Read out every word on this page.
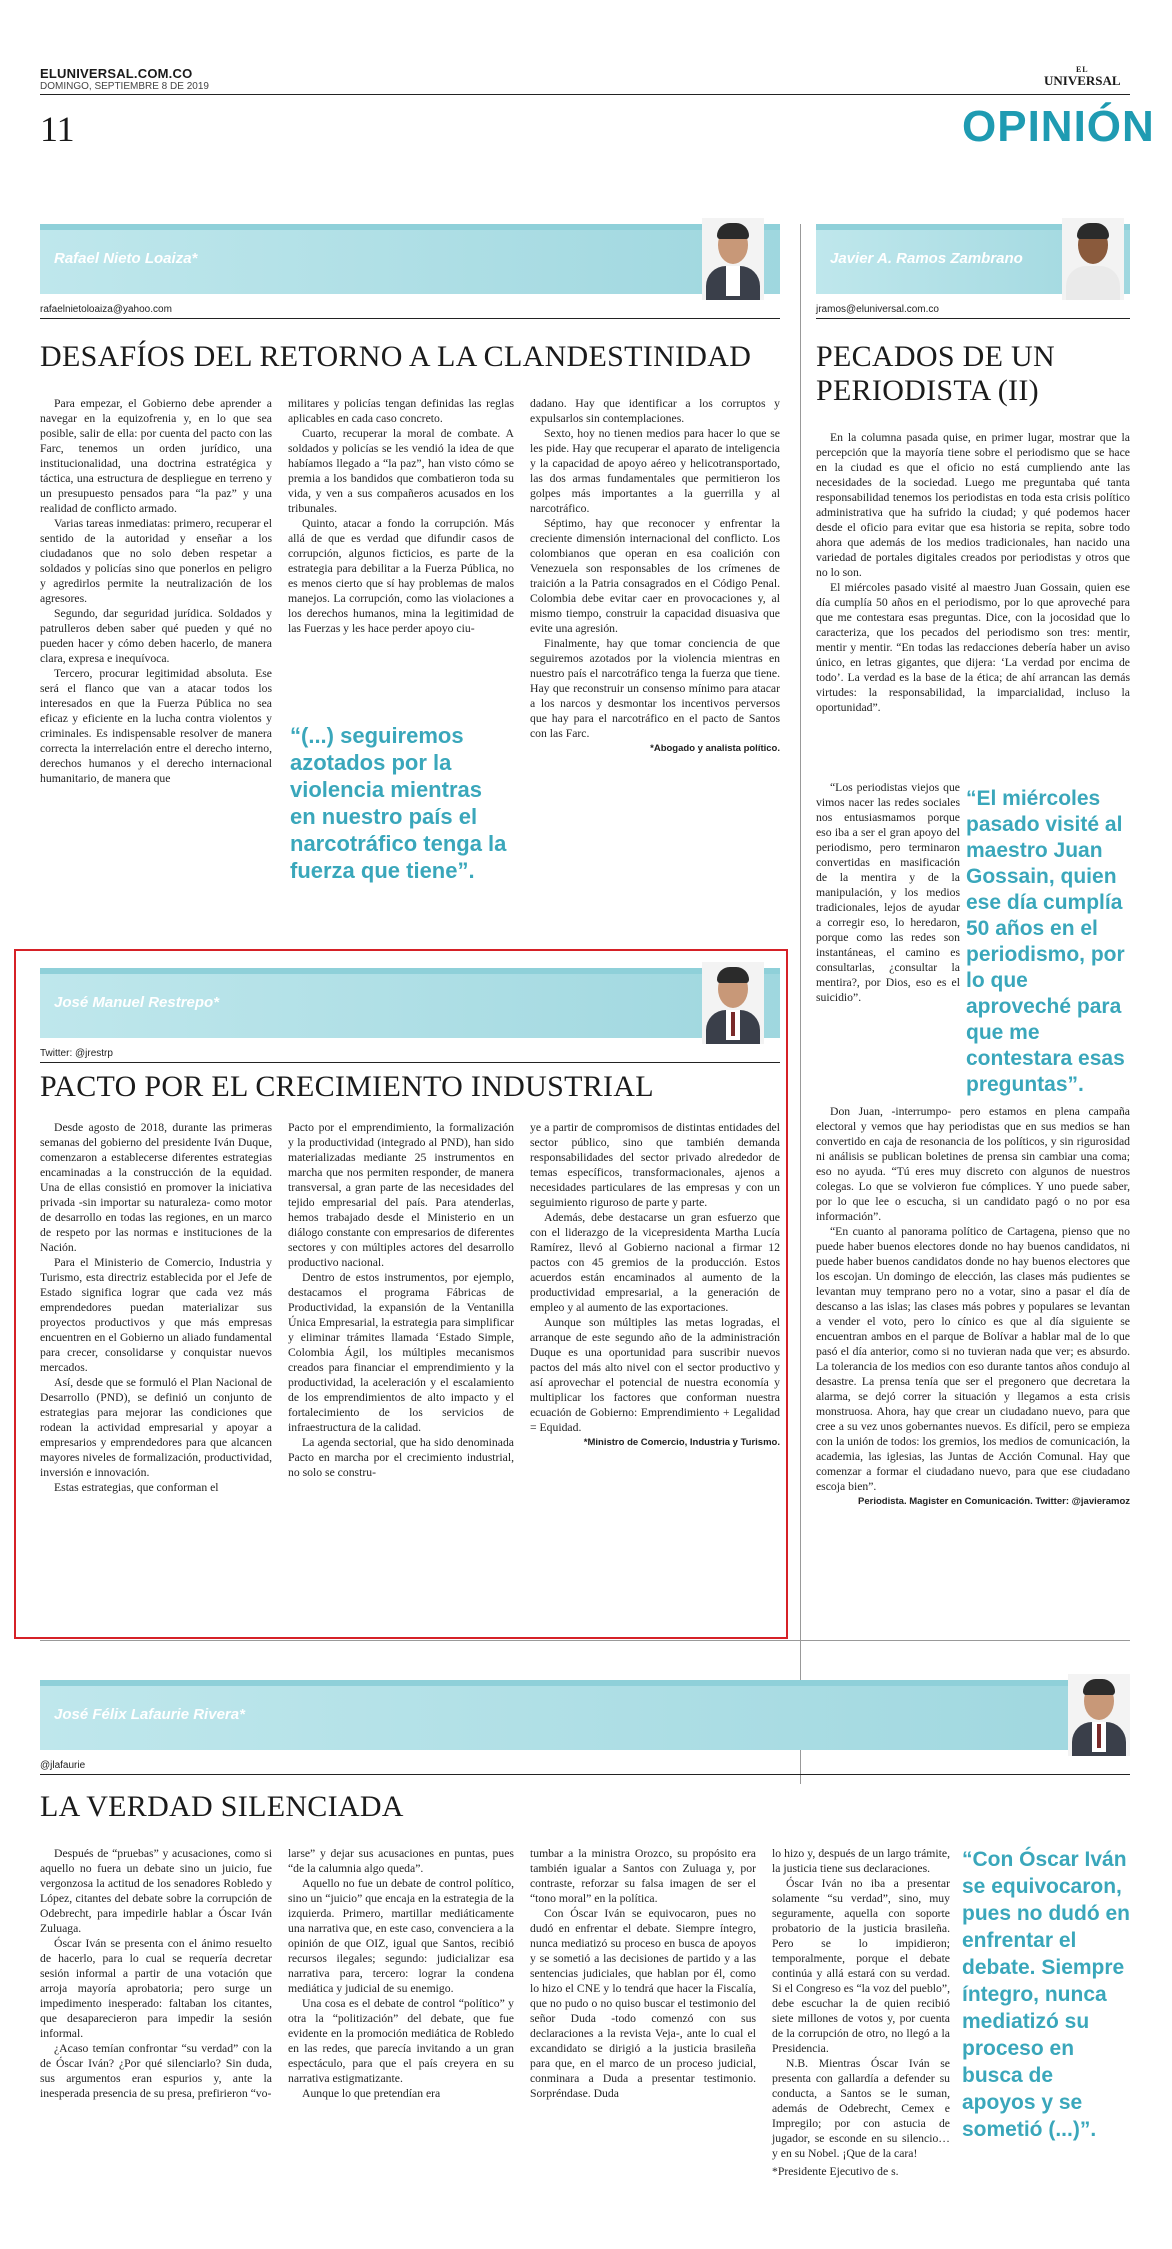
ELUNIVERSAL.COM.CO
DOMINGO, SEPTIEMBRE 8 DE 2019
EL
UNIVERSAL
11	OPINIÓN
Rafael Nieto Loaiza*
rafaelnietoloaiza@yahoo.com
DESAFÍOS DEL RETORNO A LA CLANDESTINIDAD

Para empezar, el Gobierno debe aprender a navegar en la equizofrenia y, en lo que sea posible, salir de ella: por cuenta del pacto con las Farc, tenemos un orden jurídico, una institucionalidad, una doctrina estratégica y táctica, una estructura de despliegue en terreno y un presupuesto pensados para “la paz” y una realidad de conflicto armado.

Varias tareas inmediatas: primero, recuperar el sentido de la autoridad y enseñar a los ciudadanos que no solo deben respetar a soldados y policías sino que ponerlos en peligro y agredirlos permite la neutralización de los agresores.

Segundo, dar seguridad jurídica. Soldados y patrulleros deben saber qué pueden y qué no pueden hacer y cómo deben hacerlo, de manera clara, expresa e inequívoca.

Tercero, procurar legitimidad absoluta. Ese será el flanco que van a atacar todos los interesados en que la Fuerza Pública no sea eficaz y eficiente en la lucha contra violentos y criminales. Es indispensable resolver de manera correcta la interrelación entre el derecho interno, derechos humanos y el derecho internacional humanitario, de manera que

militares y policías tengan definidas las reglas aplicables en cada caso concreto.

Cuarto, recuperar la moral de combate. A soldados y policías se les vendió la idea de que habíamos llegado a “la paz”, han visto cómo se premia a los bandidos que combatieron toda su vida, y ven a sus compañeros acusados en los tribunales.

Quinto, atacar a fondo la corrupción. Más allá de que es verdad que difundir casos de corrupción, algunos ficticios, es parte de la estrategia para debilitar a la Fuerza Pública, no es menos cierto que sí hay problemas de malos manejos. La corrupción, como las violaciones a los derechos humanos, mina la legitimidad de las Fuerzas y les hace perder apoyo ciu-

“(...) seguiremos azotados por la violencia mientras en nuestro país el narcotráfico tenga la fuerza que tiene”.

dadano. Hay que identificar a los corruptos y expulsarlos sin contemplaciones.

Sexto, hoy no tienen medios para hacer lo que se les pide. Hay que recuperar el aparato de inteligencia y la capacidad de apoyo aéreo y helicotransportado, las dos armas fundamentales que permitieron los golpes más importantes a la guerrilla y al narcotráfico.

Séptimo, hay que reconocer y enfrentar la creciente dimensión internacional del conflicto. Los colombianos que operan en esa coalición con Venezuela son responsables de los crímenes de traición a la Patria consagrados en el Código Penal. Colombia debe evitar caer en provocaciones y, al mismo tiempo, construir la capacidad disuasiva que evite una agresión.

Finalmente, hay que tomar conciencia de que seguiremos azotados por la violencia mientras en nuestro país el narcotráfico tenga la fuerza que tiene. Hay que reconstruir un consenso mínimo para atacar a los narcos y desmontar los incentivos perversos que hay para el narcotráfico en el pacto de Santos con las Farc.

*Abogado y analista político.
Javier A. Ramos Zambrano
jramos@eluniversal.com.co
PECADOS DE UN PERIODISTA (II)

En la columna pasada quise, en primer lugar, mostrar que la percepción que la mayoría tiene sobre el periodismo que se hace en la ciudad es que el oficio no está cumpliendo ante las necesidades de la sociedad. Luego me preguntaba qué tanta responsabilidad tenemos los periodistas en toda esta crisis político administrativa que ha sufrido la ciudad; y qué podemos hacer desde el oficio para evitar que esa historia se repita, sobre todo ahora que además de los medios tradicionales, han nacido una variedad de portales digitales creados por periodistas y otros que no lo son.

El miércoles pasado visité al maestro Juan Gossain, quien ese día cumplía 50 años en el periodismo, por lo que aproveché para que me contestara esas preguntas. Dice, con la jocosidad que lo caracteriza, que los pecados del periodismo son tres: mentir, mentir y mentir. “En todas las redacciones debería haber un aviso único, en letras gigantes, que dijera: ‘La verdad por encima de todo’. La verdad es la base de la ética; de ahí arrancan las demás virtudes: la responsabilidad, la imparcialidad, incluso la oportunidad”.

“Los periodistas viejos que vimos nacer las redes sociales nos entusiasmamos porque eso iba a ser el gran apoyo del periodismo, pero terminaron convertidas en masificación de la mentira y de la manipulación, y los medios tradicionales, lejos de ayudar a corregir eso, lo heredaron, porque como las redes son instantáneas, el camino es consultarlas, ¿consultar la mentira?, por Dios, eso es el suicidio”.

“El miércoles pasado visité al maestro Juan Gossain, quien ese día cumplía 50 años en el periodismo, por lo que aproveché para que me contestara esas preguntas”.

Don Juan, -interrumpo- pero estamos en plena campaña electoral y vemos que hay periodistas que en sus medios se han convertido en caja de resonancia de los políticos, y sin rigurosidad ni análisis se publican boletines de prensa sin cambiar una coma; eso no ayuda. “Tú eres muy discreto con algunos de nuestros colegas. Lo que se volvieron fue cómplices. Y uno puede saber, por lo que lee o escucha, si un candidato pagó o no por esa información”.

“En cuanto al panorama político de Cartagena, pienso que no puede haber buenos electores donde no hay buenos candidatos, ni puede haber buenos candidatos donde no hay buenos electores que los escojan. Un domingo de elección, las clases más pudientes se levantan muy temprano pero no a votar, sino a pasar el día de descanso a las islas; las clases más pobres y populares se levantan a vender el voto, pero lo cínico es que al día siguiente se encuentran ambos en el parque de Bolívar a hablar mal de lo que pasó el día anterior, como si no tuvieran nada que ver; es absurdo. La tolerancia de los medios con eso durante tantos años condujo al desastre. La prensa tenía que ser el pregonero que decretara la alarma, se dejó correr la situación y llegamos a esta crisis monstruosa. Ahora, hay que crear un ciudadano nuevo, para que cree a su vez unos gobernantes nuevos. Es difícil, pero se empieza con la unión de todos: los gremios, los medios de comunicación, la academia, las iglesias, las Juntas de Acción Comunal. Hay que comenzar a formar el ciudadano nuevo, para que ese ciudadano escoja bien”.

Periodista. Magister en Comunicación. Twitter: @javieramoz
José Manuel Restrepo*
Twitter: @jrestrp
PACTO POR EL CRECIMIENTO INDUSTRIAL

Desde agosto de 2018, durante las primeras semanas del gobierno del presidente Iván Duque, comenzaron a establecerse diferentes estrategias encaminadas a la construcción de la equidad. Una de ellas consistió en promover la iniciativa privada -sin importar su naturaleza- como motor de desarrollo en todas las regiones, en un marco de respeto por las normas e instituciones de la Nación.

Para el Ministerio de Comercio, Industria y Turismo, esta directriz establecida por el Jefe de Estado significa lograr que cada vez más emprendedores puedan materializar sus proyectos productivos y que más empresas encuentren en el Gobierno un aliado fundamental para crecer, consolidarse y conquistar nuevos mercados.

Así, desde que se formuló el Plan Nacional de Desarrollo (PND), se definió un conjunto de estrategias para mejorar las condiciones que rodean la actividad empresarial y apoyar a empresarios y emprendedores para que alcancen mayores niveles de formalización, productividad, inversión e innovación.

Estas estrategias, que conforman el

Pacto por el emprendimiento, la formalización y la productividad (integrado al PND), han sido materializadas mediante 25 instrumentos en marcha que nos permiten responder, de manera transversal, a gran parte de las necesidades del tejido empresarial del país. Para atenderlas, hemos trabajado desde el Ministerio en un diálogo constante con empresarios de diferentes sectores y con múltiples actores del desarrollo productivo nacional.

Dentro de estos instrumentos, por ejemplo, destacamos el programa Fábricas de Productividad, la expansión de la Ventanilla Única Empresarial, la estrategia para simplificar y eliminar trámites llamada ‘Estado Simple, Colombia Ágil, los múltiples mecanismos creados para financiar el emprendimiento y la productividad, la aceleración y el escalamiento de los emprendimientos de alto impacto y el fortalecimiento de los servicios de infraestructura de la calidad.

La agenda sectorial, que ha sido denominada Pacto en marcha por el crecimiento industrial, no solo se constru-

ye a partir de compromisos de distintas entidades del sector público, sino que también demanda responsabilidades del sector privado alrededor de temas específicos, transformacionales, ajenos a necesidades particulares de las empresas y con un seguimiento riguroso de parte y parte.

Además, debe destacarse un gran esfuerzo que con el liderazgo de la vicepresidenta Martha Lucía Ramírez, llevó al Gobierno nacional a firmar 12 pactos con 45 gremios de la producción. Estos acuerdos están encaminados al aumento de la productividad empresarial, a la generación de empleo y al aumento de las exportaciones.

Aunque son múltiples las metas logradas, el arranque de este segundo año de la administración Duque es una oportunidad para suscribir nuevos pactos del más alto nivel con el sector productivo y así aprovechar el potencial de nuestra economía y multiplicar los factores que conforman nuestra ecuación de Gobierno: Emprendimiento + Legalidad = Equidad.

*Ministro de Comercio, Industria y Turismo.
José Félix Lafaurie Rivera*
@jlafaurie
LA VERDAD SILENCIADA

Después de “pruebas” y acusaciones, como si aquello no fuera un debate sino un juicio, fue vergonzosa la actitud de los senadores Robledo y López, citantes del debate sobre la corrupción de Odebrecht, para impedirle hablar a Óscar Iván Zuluaga.

Óscar Iván se presenta con el ánimo resuelto de hacerlo, para lo cual se requería decretar sesión informal a partir de una votación que arroja mayoría aprobatoria; pero surge un impedimento inesperado: faltaban los citantes, que desaparecieron para impedir la sesión informal.

¿Acaso temían confrontar “su verdad” con la de Óscar Iván? ¿Por qué silenciarlo? Sin duda, sus argumentos eran espurios y, ante la inesperada presencia de su presa, prefirieron “vo-

larse” y dejar sus acusaciones en puntas, pues “de la calumnia algo queda”.

Aquello no fue un debate de control político, sino un “juicio” que encaja en la estrategia de la izquierda. Primero, martillar mediáticamente una narrativa que, en este caso, convenciera a la opinión de que OIZ, igual que Santos, recibió recursos ilegales; segundo: judicializar esa narrativa para, tercero: lograr la condena mediática y judicial de su enemigo.

Una cosa es el debate de control “político” y otra la “politización” del debate, que fue evidente en la promoción mediática de Robledo en las redes, que parecía invitando a un gran espectáculo, para que el país creyera en su narrativa estigmatizante.

Aunque lo que pretendían era

tumbar a la ministra Orozco, su propósito era también igualar a Santos con Zuluaga y, por contraste, reforzar su falsa imagen de ser el “tono moral” en la política.

Con Óscar Iván se equivocaron, pues no dudó en enfrentar el debate. Siempre íntegro, nunca mediatizó su proceso en busca de apoyos y se sometió a las decisiones de partido y a las sentencias judiciales, que hablan por él, como lo hizo el CNE y lo tendrá que hacer la Fiscalía, que no pudo o no quiso buscar el testimonio del señor Duda -todo comenzó con sus declaraciones a la revista Veja-, ante lo cual el excandidato se dirigió a la justicia brasileña para que, en el marco de un proceso judicial, conminara a Duda a presentar testimonio. Sorpréndase. Duda

lo hizo y, después de un largo trámite, la justicia tiene sus declaraciones.

Óscar Iván no iba a presentar solamente “su verdad”, sino, muy seguramente, aquella con soporte probatorio de la justicia brasileña. Pero se lo impidieron; temporalmente, porque el debate continúa y allá estará con su verdad. Si el Congreso es “la voz del pueblo”, debe escuchar la de quien recibió siete millones de votos y, por cuenta de la corrupción de otro, no llegó a la Presidencia.

N.B. Mientras Óscar Iván se presenta con gallardía a defender su conducta, a Santos se le suman, además de Odebrecht, Cemex e Impregilo; por con astucia de jugador, se esconde en su silencio… y en su Nobel. ¡Que de la cara!

*Presidente Ejecutivo de s.
“Con Óscar Iván se equivocaron, pues no dudó en enfrentar el debate. Siempre íntegro, nunca mediatizó su proceso en busca de apoyos y se sometió (...)”.
